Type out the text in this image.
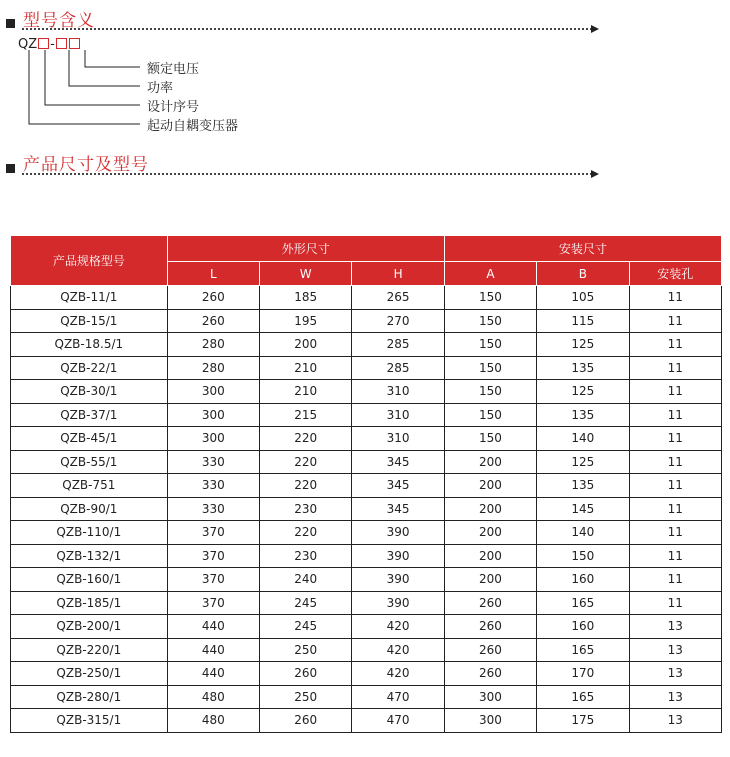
型号含义
QZ -
额定电压
功率
设计序号
起动自耦变压器
产品尺寸及型号
产品规格型号	外形尺寸			安装尺寸		
	L	W	H	A	B	安装孔
QZB-11/1	260	185	265	150	105	11
QZB-15/1	260	195	270	150	115	11
QZB-18.5/1	280	200	285	150	125	11
QZB-22/1	280	210	285	150	135	11
QZB-30/1	300	210	310	150	125	11
QZB-37/1	300	215	310	150	135	11
QZB-45/1	300	220	310	150	140	11
QZB-55/1	330	220	345	200	125	11
QZB-751	330	220	345	200	135	11
QZB-90/1	330	230	345	200	145	11
QZB-110/1	370	220	390	200	140	11
QZB-132/1	370	230	390	200	150	11
QZB-160/1	370	240	390	200	160	11
QZB-185/1	370	245	390	260	165	11
QZB-200/1	440	245	420	260	160	13
QZB-220/1	440	250	420	260	165	13
QZB-250/1	440	260	420	260	170	13
QZB-280/1	480	250	470	300	165	13
QZB-315/1	480	260	470	300	175	13
